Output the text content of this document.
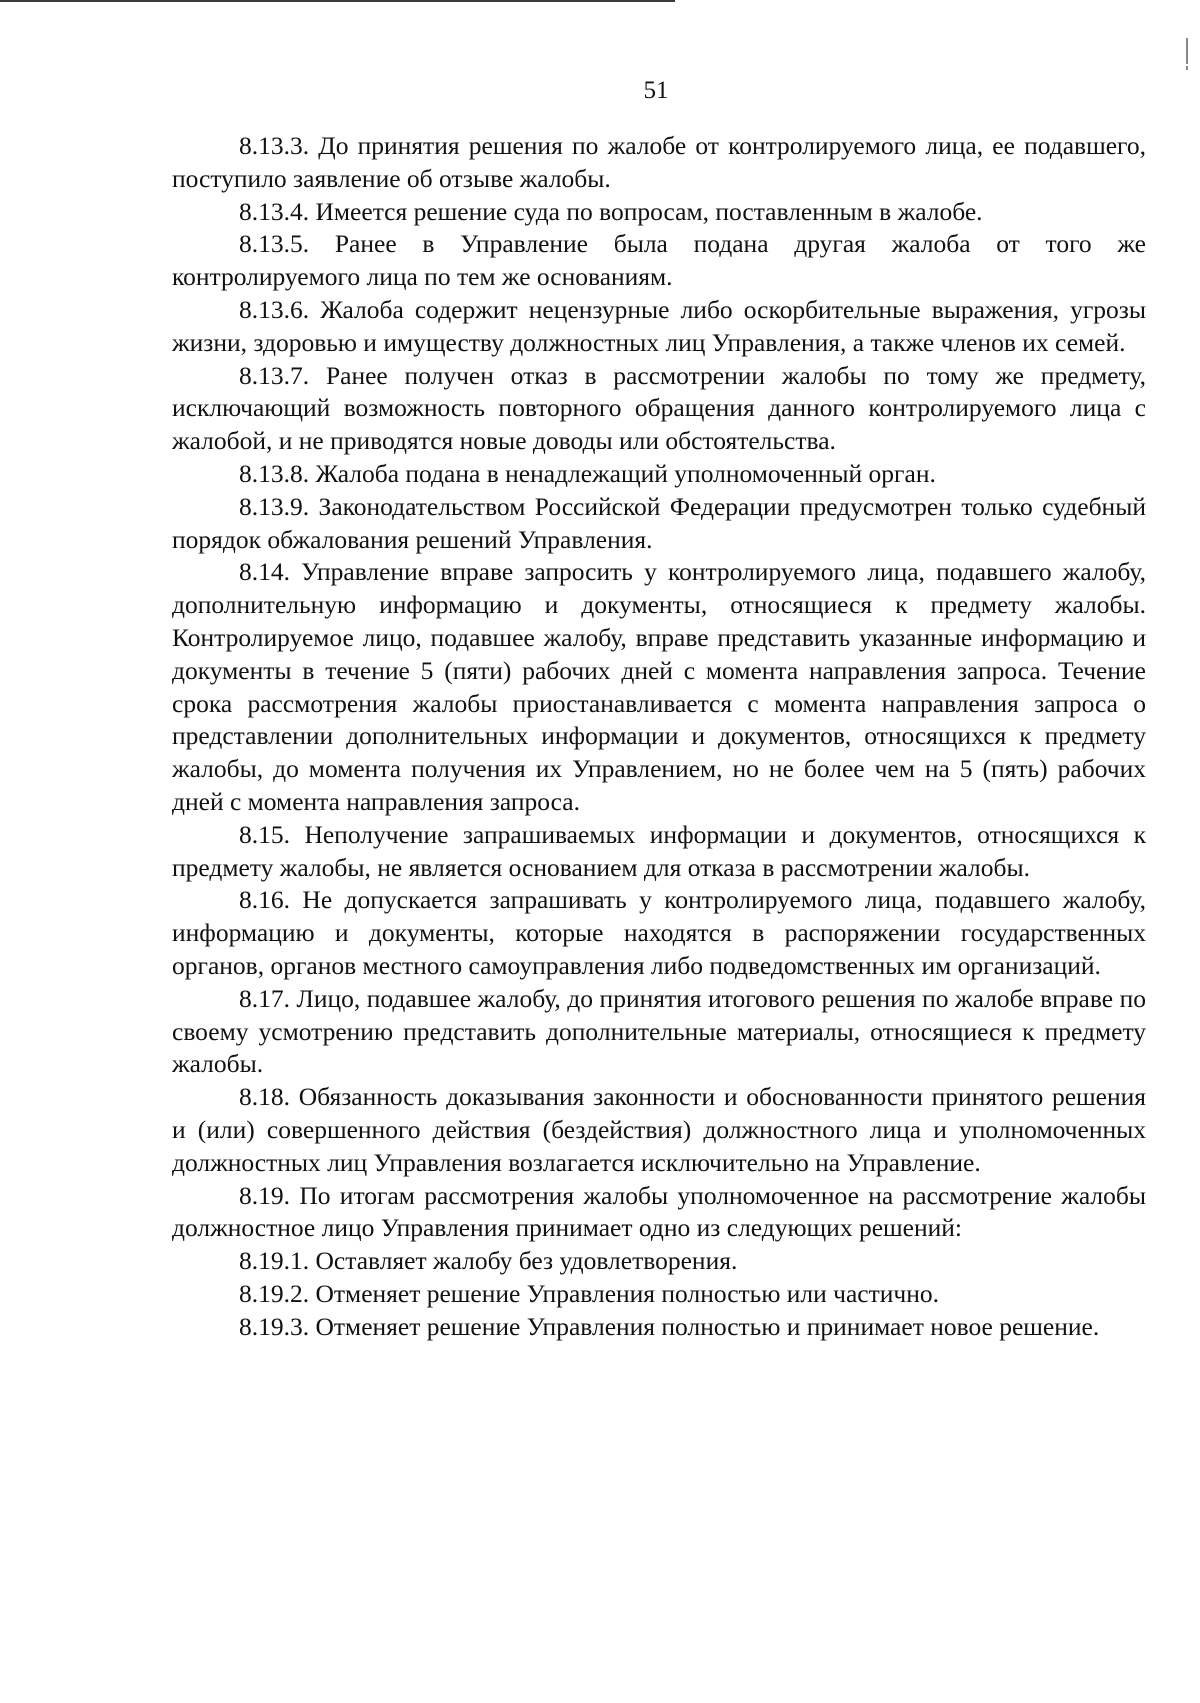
51

8.13.3. До принятия решения по жалобе от контролируемого лица, ее подавшего, поступило заявление об отзыве жалобы.

8.13.4. Имеется решение суда по вопросам, поставленным в жалобе.

8.13.5. Ранее в Управление была подана другая жалоба от того же контролируемого лица по тем же основаниям.

8.13.6. Жалоба содержит нецензурные либо оскорбительные выражения, угрозы жизни, здоровью и имуществу должностных лиц Управления, а также членов их семей.

8.13.7. Ранее получен отказ в рассмотрении жалобы по тому же предмету, исключающий возможность повторного обращения данного контролируемого лица с жалобой, и не приводятся новые доводы или обстоятельства.

8.13.8. Жалоба подана в ненадлежащий уполномоченный орган.

8.13.9. Законодательством Российской Федерации предусмотрен только судебный порядок обжалования решений Управления.

8.14. Управление вправе запросить у контролируемого лица, подавшего жалобу, дополнительную информацию и документы, относящиеся к предмету жалобы. Контролируемое лицо, подавшее жалобу, вправе представить указанные информацию и документы в течение 5 (пяти) рабочих дней с момента направления запроса. Течение срока рассмотрения жалобы приостанавливается с момента направления запроса о представлении дополнительных информации и документов, относящихся к предмету жалобы, до момента получения их Управлением, но не более чем на 5 (пять) рабочих дней с момента направления запроса.

8.15. Неполучение запрашиваемых информации и документов, относящихся к предмету жалобы, не является основанием для отказа в рассмотрении жалобы.

8.16. Не допускается запрашивать у контролируемого лица, подавшего жалобу, информацию и документы, которые находятся в распоряжении государственных органов, органов местного самоуправления либо подведомственных им организаций.

8.17. Лицо, подавшее жалобу, до принятия итогового решения по жалобе вправе по своему усмотрению представить дополнительные материалы, относящиеся к предмету жалобы.

8.18. Обязанность доказывания законности и обоснованности принятого решения и (или) совершенного действия (бездействия) должностного лица и уполномоченных должностных лиц Управления возлагается исключительно на Управление.

8.19. По итогам рассмотрения жалобы уполномоченное на рассмотрение жалобы должностное лицо Управления принимает одно из следующих решений:

8.19.1. Оставляет жалобу без удовлетворения.

8.19.2. Отменяет решение Управления полностью или частично.

8.19.3. Отменяет решение Управления полностью и принимает новое решение.
